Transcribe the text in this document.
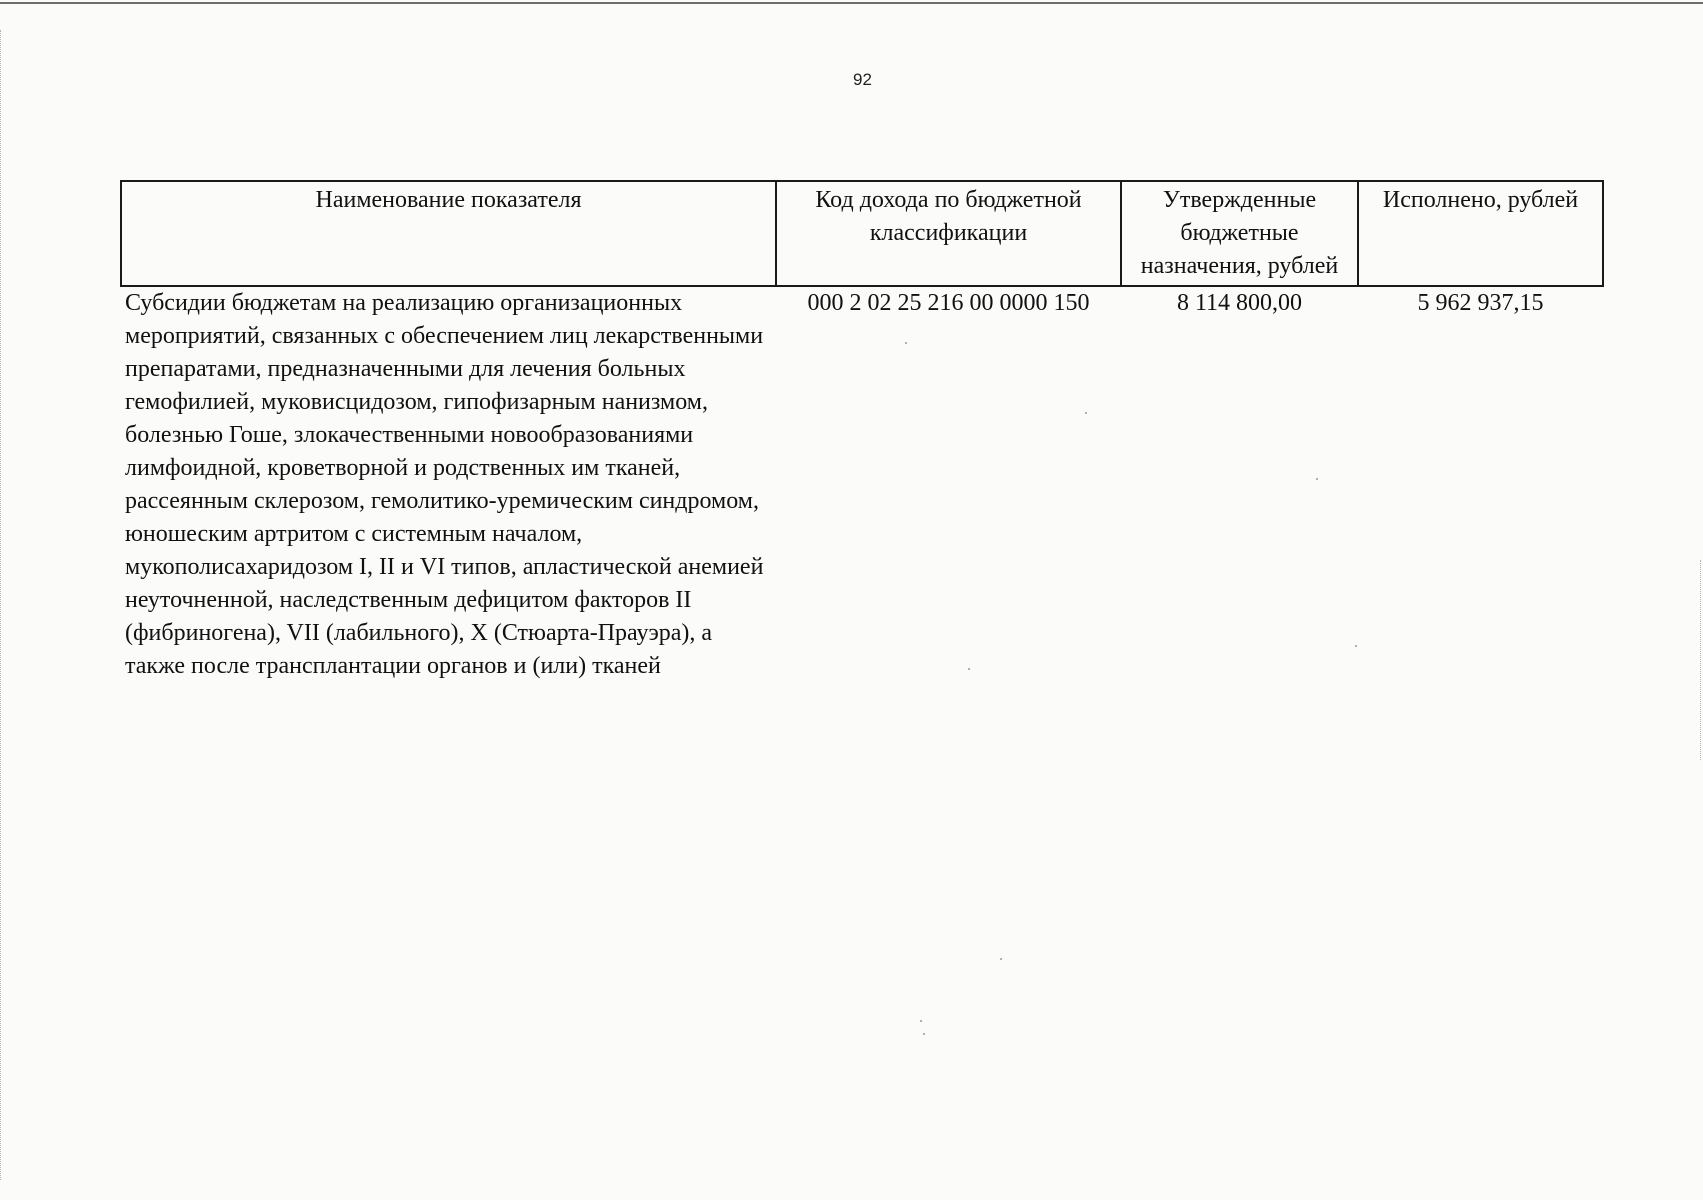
92
Наименование показателя	Код дохода по бюджетной классификации	Утвержденные бюджетные назначения, рублей	Исполнено, рублей
Субсидии бюджетам на реализацию организационных мероприятий, связанных с обеспечением лиц лекарственными препаратами, предназначенными для лечения больных гемофилией, муковисцидозом, гипофизарным нанизмом, болезнью Гоше, злокачественными новообразованиями лимфоидной, кроветворной и родственных им тканей, рассеянным склерозом, гемолитико-уремическим синдромом, юношеским артритом с системным началом, мукополисахаридозом I, II и VI типов, апластической анемией неуточненной, наследственным дефицитом факторов II (фибриногена), VII (лабильного), X (Стюарта-Прауэра), а также после трансплантации органов и (или) тканей	000 2 02 25 216 00 0000 150	8 114 800,00	5 962 937,15
